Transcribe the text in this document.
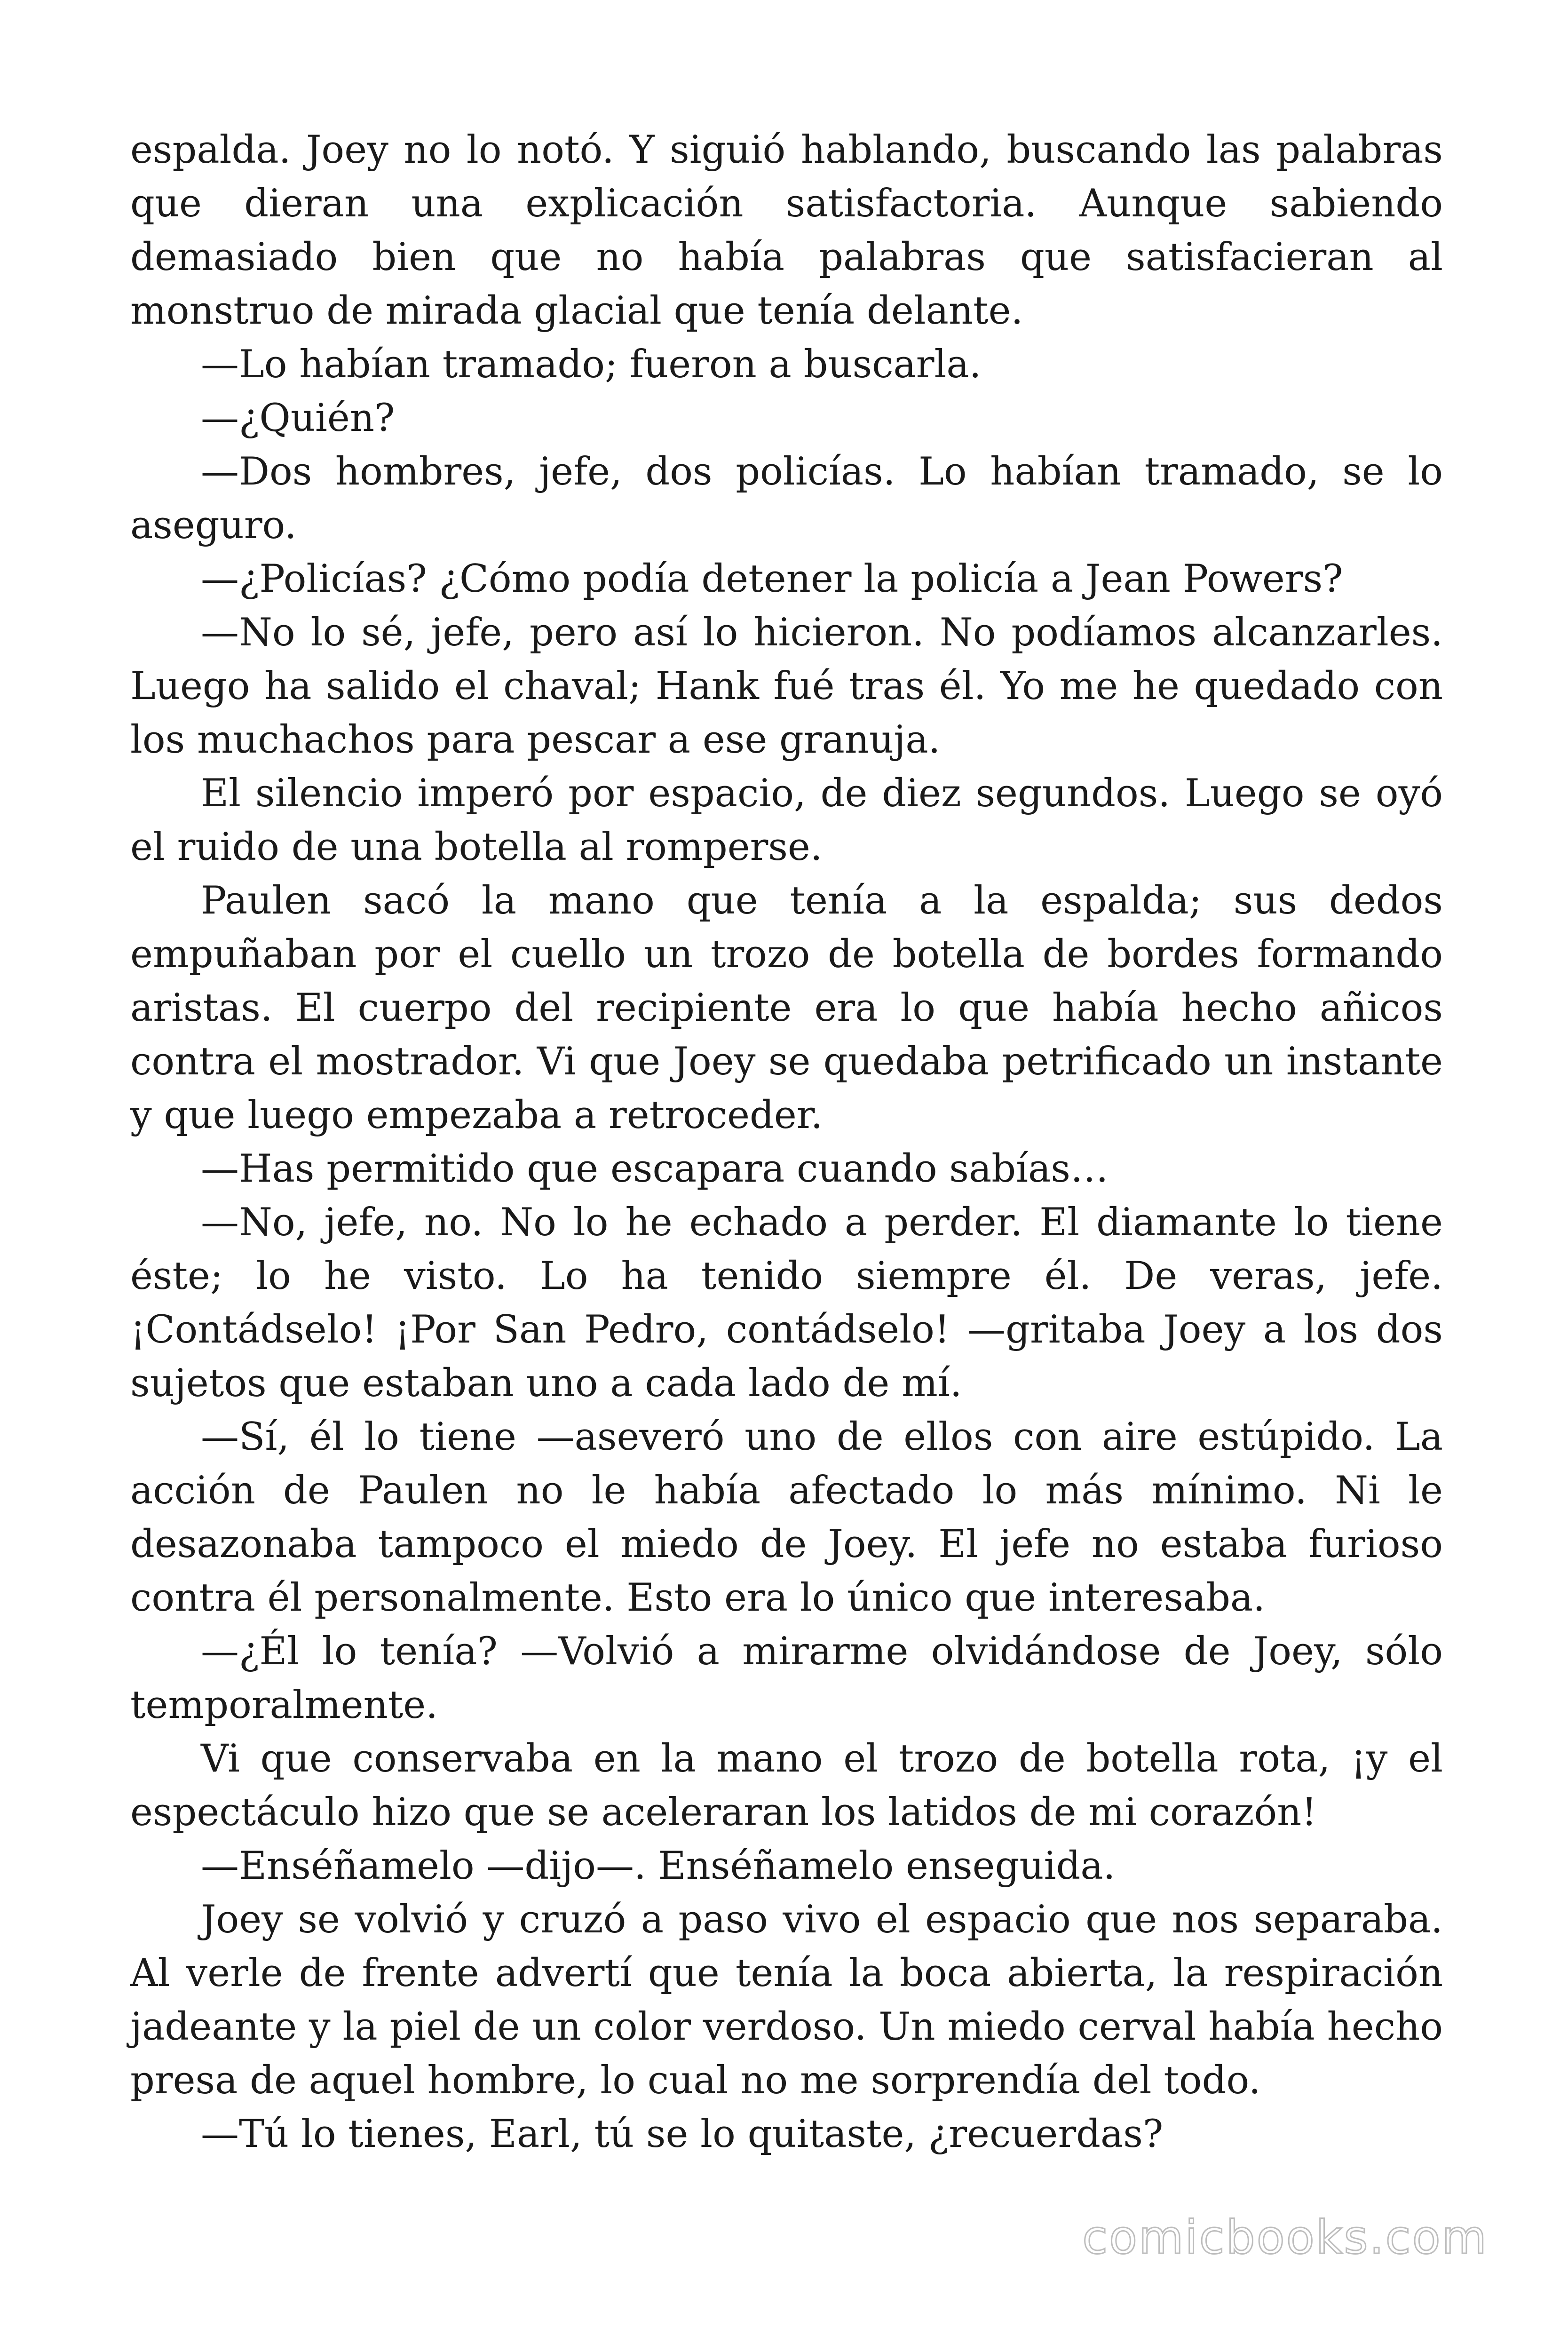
espalda. Joey no lo notó. Y siguió hablando, buscando las palabras que dieran una explicación satisfactoria. Aunque sabiendo demasiado bien que no había palabras que satisfacieran al monstruo de mirada glacial que tenía delante.

—Lo habían tramado; fueron a buscarla.

—¿Quién?

—Dos hombres, jefe, dos policías. Lo habían tramado, se lo aseguro.

—¿Policías? ¿Cómo podía detener la policía a Jean Powers?

—No lo sé, jefe, pero así lo hicieron. No podíamos alcanzarles. Luego ha salido el chaval; Hank fué tras él. Yo me he quedado con los muchachos para pescar a ese granuja.

El silencio imperó por espacio, de diez segundos. Luego se oyó el ruido de una botella al romperse.

Paulen sacó la mano que tenía a la espalda; sus dedos empuñaban por el cuello un trozo de botella de bordes formando aristas. El cuerpo del recipiente era lo que había hecho añicos contra el mostrador. Vi que Joey se quedaba petrificado un instante y que luego empezaba a retroceder.

—Has permitido que escapara cuando sabías…

—No, jefe, no. No lo he echado a perder. El diamante lo tiene éste; lo he visto. Lo ha tenido siempre él. De veras, jefe. ¡Contádselo! ¡Por San Pedro, contádselo! —gritaba Joey a los dos sujetos que estaban uno a cada lado de mí.

—Sí, él lo tiene —aseveró uno de ellos con aire estúpido. La acción de Paulen no le había afectado lo más mínimo. Ni le desazonaba tampoco el miedo de Joey. El jefe no estaba furioso contra él personalmente. Esto era lo único que interesaba.

—¿Él lo tenía? —Volvió a mirarme olvidándose de Joey, sólo temporalmente.

Vi que conservaba en la mano el trozo de botella rota, ¡y el espectáculo hizo que se aceleraran los latidos de mi corazón!

—Enséñamelo —dijo—. Enséñamelo enseguida.

Joey se volvió y cruzó a paso vivo el espacio que nos separaba. Al verle de frente advertí que tenía la boca abierta, la respiración jadeante y la piel de un color verdoso. Un miedo cerval había hecho presa de aquel hombre, lo cual no me sorprendía del todo.

—Tú lo tienes, Earl, tú se lo quitaste, ¿recuerdas?

comicbooks.com
